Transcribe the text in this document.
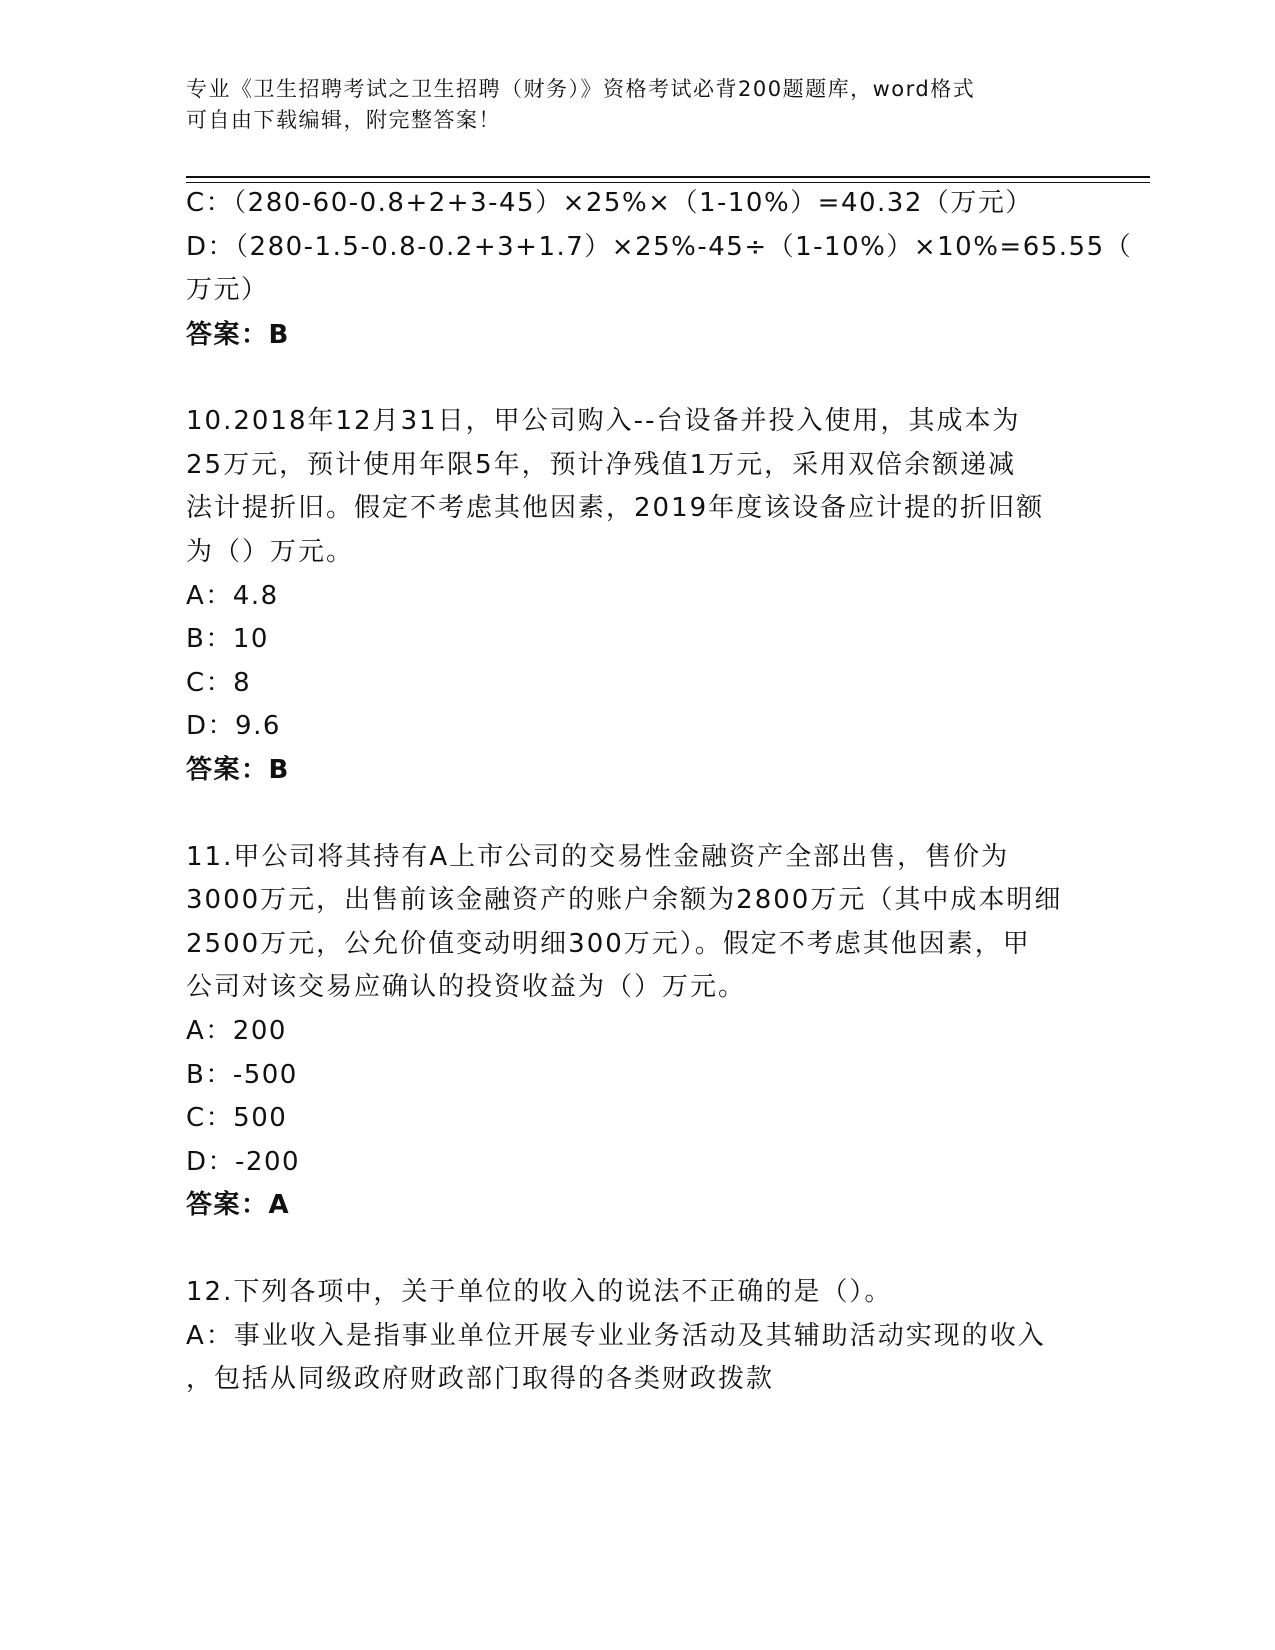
专业《卫生招聘考试之卫生招聘（财务）》资格考试必背200题题库，word格式
可自由下载编辑，附完整答案！
C：（280-60-0.8+2+3-45）×25%×（1-10%）=40.32（万元）
D：（280-1.5-0.8-0.2+3+1.7）×25%-45÷（1-10%）×10%=65.55（
万元）
答案：B
10.2018年12月31日，甲公司购入--台设备并投入使用，其成本为
25万元，预计使用年限5年，预计净残值1万元，采用双倍余额递减
法计提折旧。假定不考虑其他因素，2019年度该设备应计提的折旧额
为（）万元。
A：4.8
B：10
C：8
D：9.6
答案：B
11.甲公司将其持有A上市公司的交易性金融资产全部出售，售价为
3000万元，出售前该金融资产的账户余额为2800万元（其中成本明细
2500万元，公允价值变动明细300万元）。假定不考虑其他因素，甲
公司对该交易应确认的投资收益为（）万元。
A：200
B：-500
C：500
D：-200
答案：A
12.下列各项中，关于单位的收入的说法不正确的是（）。
A：事业收入是指事业单位开展专业业务活动及其辅助活动实现的收入
，包括从同级政府财政部门取得的各类财政拨款
